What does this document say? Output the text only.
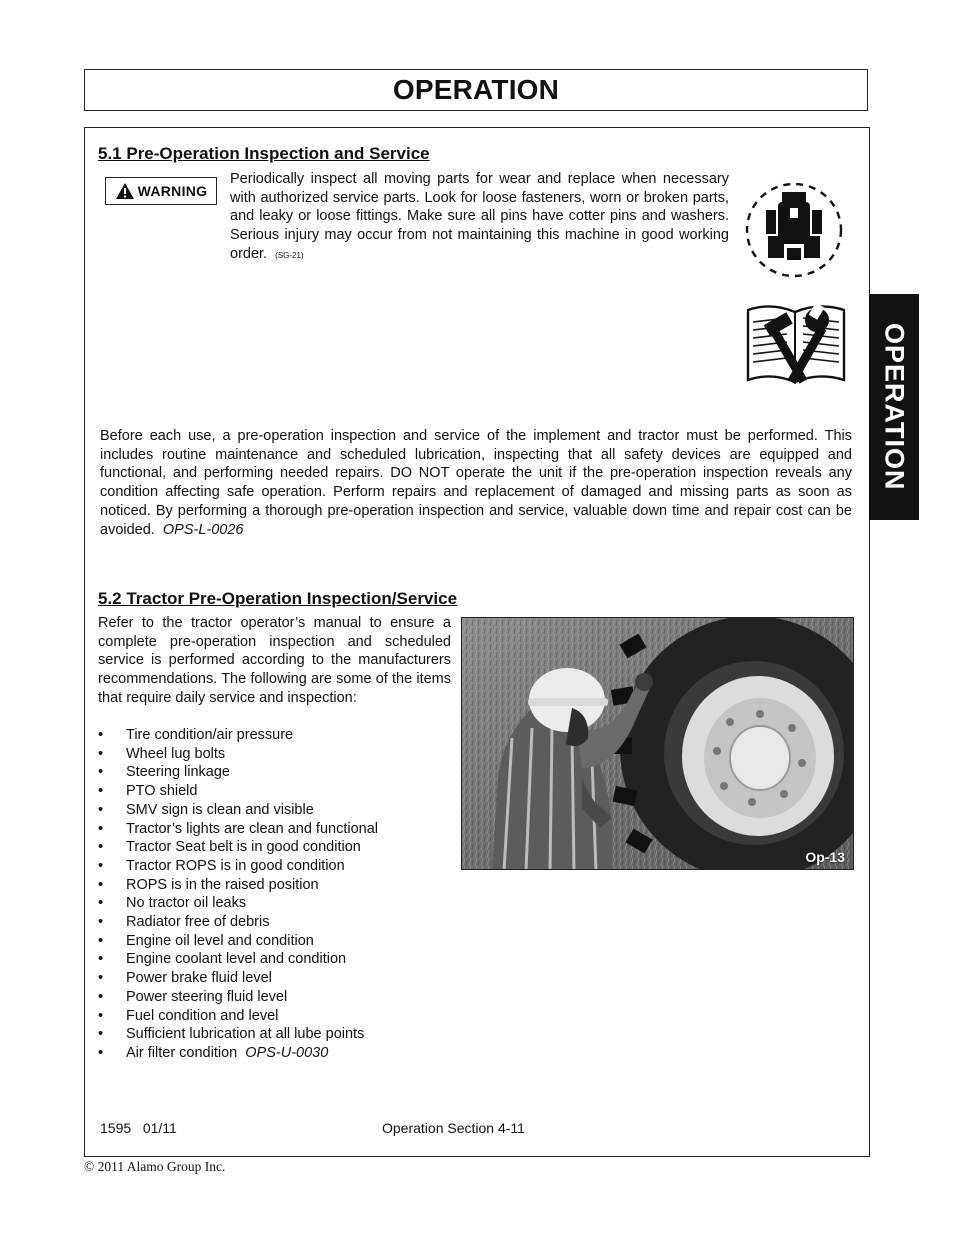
OPERATION
OPERATION
5.1 Pre-Operation Inspection and Service
WARNING

Periodically inspect all moving parts for wear and replace when necessary with authorized service parts. Look for loose fasteners, worn or broken parts, and leaky or loose fittings. Make sure all pins have cotter pins and washers. Serious injury may occur from not maintaining this machine in good working order. (SG-21)

Before each use, a pre-operation inspection and service of the implement and tractor must be performed. This includes routine maintenance and scheduled lubrication, inspecting that all safety devices are equipped and functional, and performing needed repairs. DO NOT operate the unit if the pre-operation inspection reveals any condition affecting safe operation. Perform repairs and replacement of damaged and missing parts as soon as noticed. By performing a thorough pre-operation inspection and service, valuable down time and repair cost can be avoided. OPS-L-0026

5.2 Tractor Pre-Operation Inspection/Service

Refer to the tractor operator’s manual to ensure a complete pre-operation inspection and scheduled service is performed according to the manufacturers recommendations. The following are some of the items that require daily service and inspection:

•	Tire condition/air pressure
•	Wheel lug bolts
•	Steering linkage
•	PTO shield
•	SMV sign is clean and visible
•	Tractor’s lights are clean and functional
•	Tractor Seat belt is in good condition
•	Tractor ROPS is in good condition
•	ROPS is in the raised position
•	No tractor oil leaks
•	Radiator free of debris
•	Engine oil level and condition
•	Engine coolant level and condition
•	Power brake fluid level
•	Power steering fluid level
•	Fuel condition and level
•	Sufficient lubrication at all lube points
•	Air filter condition OPS-U-0030
Op-13
1595 01/11	Operation Section 4-11
© 2011 Alamo Group Inc.
